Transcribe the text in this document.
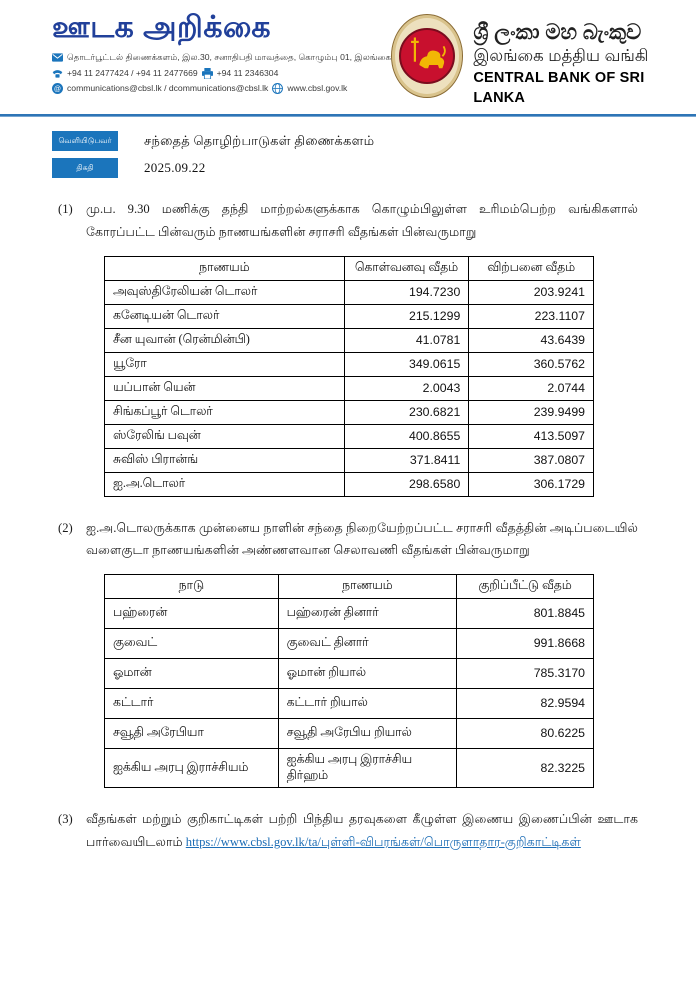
ஊடக அறிக்கை
தொடர்பூட்டல் திணைக்களம், இல.30, சனாதிபதி மாவத்தை, கொழும்பு 01, இலங்கை
+94 11 2477424 / +94 11 2477669 +94 11 2346304
@ communications@cbsl.lk / dcommunications@cbsl.lk www.cbsl.gov.lk
ශ්‍රී ලංකා මහ බැංකුව
இலங்கை மத்திய வங்கி
CENTRAL BANK OF SRI LANKA
வெளியிடுபவர்	சந்தைத் தொழிற்பாடுகள் திணைக்களம்
திகதி	2025.09.22
(1)	மு.ப. 9.30 மணிக்கு தந்தி மாற்றல்களுக்காக கொழும்பிலுள்ள உரிமம்பெற்ற வங்கிகளால் கோரப்பட்ட பின்வரும் நாணயங்களின் சராசரி வீதங்கள் பின்வருமாறு
நாணயம்	கொள்வனவு வீதம்	விற்பனை வீதம்
அவுஸ்திரேலியன் டொலர்	194.7230	203.9241
கனேடியன் டொலர்	215.1299	223.1107
சீன யுவான் (ரென்மின்பி)	41.0781	43.6439
யூரோ	349.0615	360.5762
யப்பான் யென்	2.0043	2.0744
சிங்கப்பூர் டொலர்	230.6821	239.9499
ஸ்ரேலிங் பவுன்	400.8655	413.5097
சுவிஸ் பிரான்ங்	371.8411	387.0807
ஐ.அ.டொலர்	298.6580	306.1729
(2)	ஐ.அ.டொலருக்காக முன்னைய நாளின் சந்தை நிறையேற்றப்பட்ட சராசரி வீதத்தின் அடிப்படையில் வளைகுடா நாணயங்களின் அண்ணளவான செலாவணி வீதங்கள் பின்வருமாறு
நாடு	நாணயம்	குறிப்பீட்டு வீதம்
பஹ்ரைன்	பஹ்ரைன் தினார்	801.8845
குவைட்	குவைட் தினார்	991.8668
ஓமான்	ஓமான் றியால்	785.3170
கட்டார்	கட்டார் றியால்	82.9594
சவூதி அரேபியா	சவூதி அரேபிய றியால்	80.6225
ஐக்கிய அரபு இராச்சியம்	ஐக்கிய அரபு இராச்சிய திர்ஹம்	82.3225
(3)	வீதங்கள் மற்றும் குறிகாட்டிகள் பற்றி பிந்திய தரவுகளை கீழுள்ள இணைய இணைப்பின் ஊடாக பார்வையிடலாம் https://www.cbsl.gov.lk/ta/புள்ளி-விபரங்கள்/பொருளாதார-குறிகாட்டிகள்
